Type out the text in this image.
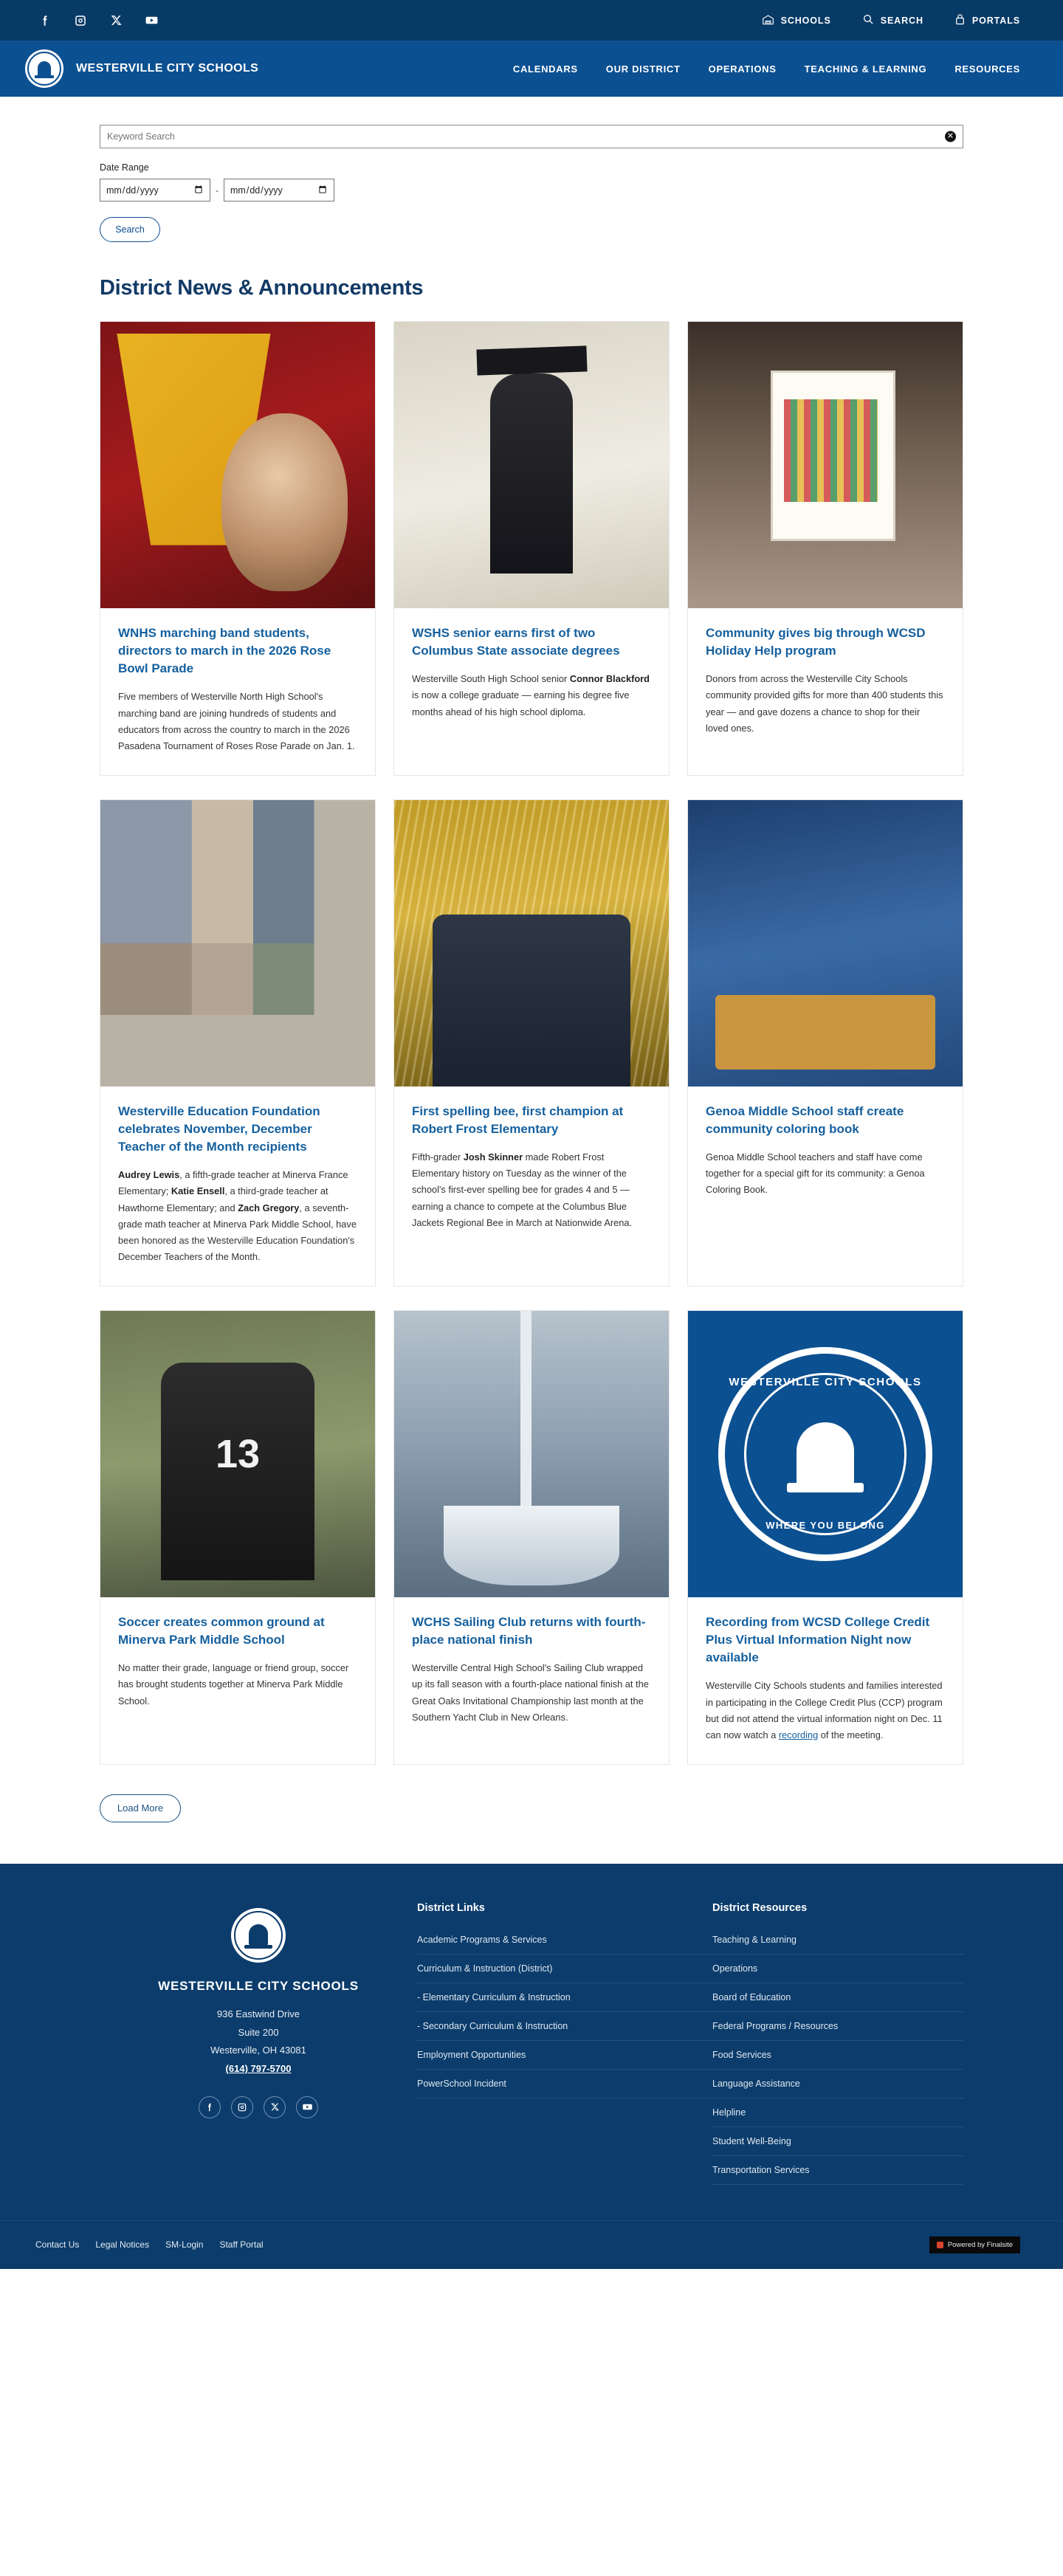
SCHOOLS	SEARCH	PORTALS
WESTERVILLE CITY SCHOOLS	CALENDARS	OUR DISTRICT	OPERATIONS	TEACHING & LEARNING	RESOURCES
Keyword Search
✕
Date Range
mm/dd/yyyy
-
mm/dd/yyyy
Search
District News & Announcements
WNHS marching band students, directors to march in the 2026 Rose Bowl Parade

Five members of Westerville North High School's marching band are joining hundreds of students and educators from across the country to march in the 2026 Pasadena Tournament of Roses Rose Parade on Jan. 1.

WSHS senior earns first of two Columbus State associate degrees

Westerville South High School senior Connor Blackford is now a college graduate — earning his degree five months ahead of his high school diploma.

Community gives big through WCSD Holiday Help program

Donors from across the Westerville City Schools community provided gifts for more than 400 students this year — and gave dozens a chance to shop for their loved ones.

Westerville Education Foundation celebrates November, December Teacher of the Month recipients

Audrey Lewis, a fifth-grade teacher at Minerva France Elementary; Katie Ensell, a third-grade teacher at Hawthorne Elementary; and Zach Gregory, a seventh-grade math teacher at Minerva Park Middle School, have been honored as the Westerville Education Foundation's December Teachers of the Month.

First spelling bee, first champion at Robert Frost Elementary

Fifth-grader Josh Skinner made Robert Frost Elementary history on Tuesday as the winner of the school's first-ever spelling bee for grades 4 and 5 — earning a chance to compete at the Columbus Blue Jackets Regional Bee in March at Nationwide Arena.

Genoa Middle School staff create community coloring book

Genoa Middle School teachers and staff have come together for a special gift for its community: a Genoa Coloring Book.

13
Soccer creates common ground at Minerva Park Middle School

No matter their grade, language or friend group, soccer has brought students together at Minerva Park Middle School.

WCHS Sailing Club returns with fourth-place national finish

Westerville Central High School's Sailing Club wrapped up its fall season with a fourth-place national finish at the Great Oaks Invitational Championship last month at the Southern Yacht Club in New Orleans.

WESTERVILLE CITY SCHOOLS
WHERE YOU BELONG
Recording from WCSD College Credit Plus Virtual Information Night now available

Westerville City Schools students and families interested in participating in the College Credit Plus (CCP) program but did not attend the virtual information night on Dec. 11 can now watch a recording of the meeting.

Load More
WESTERVILLE CITY SCHOOLS
936 Eastwind Drive
Suite 200
Westerville, OH 43081
(614) 797-5700
District Links
Academic Programs & Services
Curriculum & Instruction (District)
- Elementary Curriculum & Instruction
- Secondary Curriculum & Instruction
Employment Opportunities
PowerSchool Incident
District Resources
Teaching & Learning
Operations
Board of Education
Federal Programs / Resources
Food Services
Language Assistance
Helpline
Student Well-Being
Transportation Services
Contact Us Legal Notices SM-Login Staff Portal	Powered by Finalsite
